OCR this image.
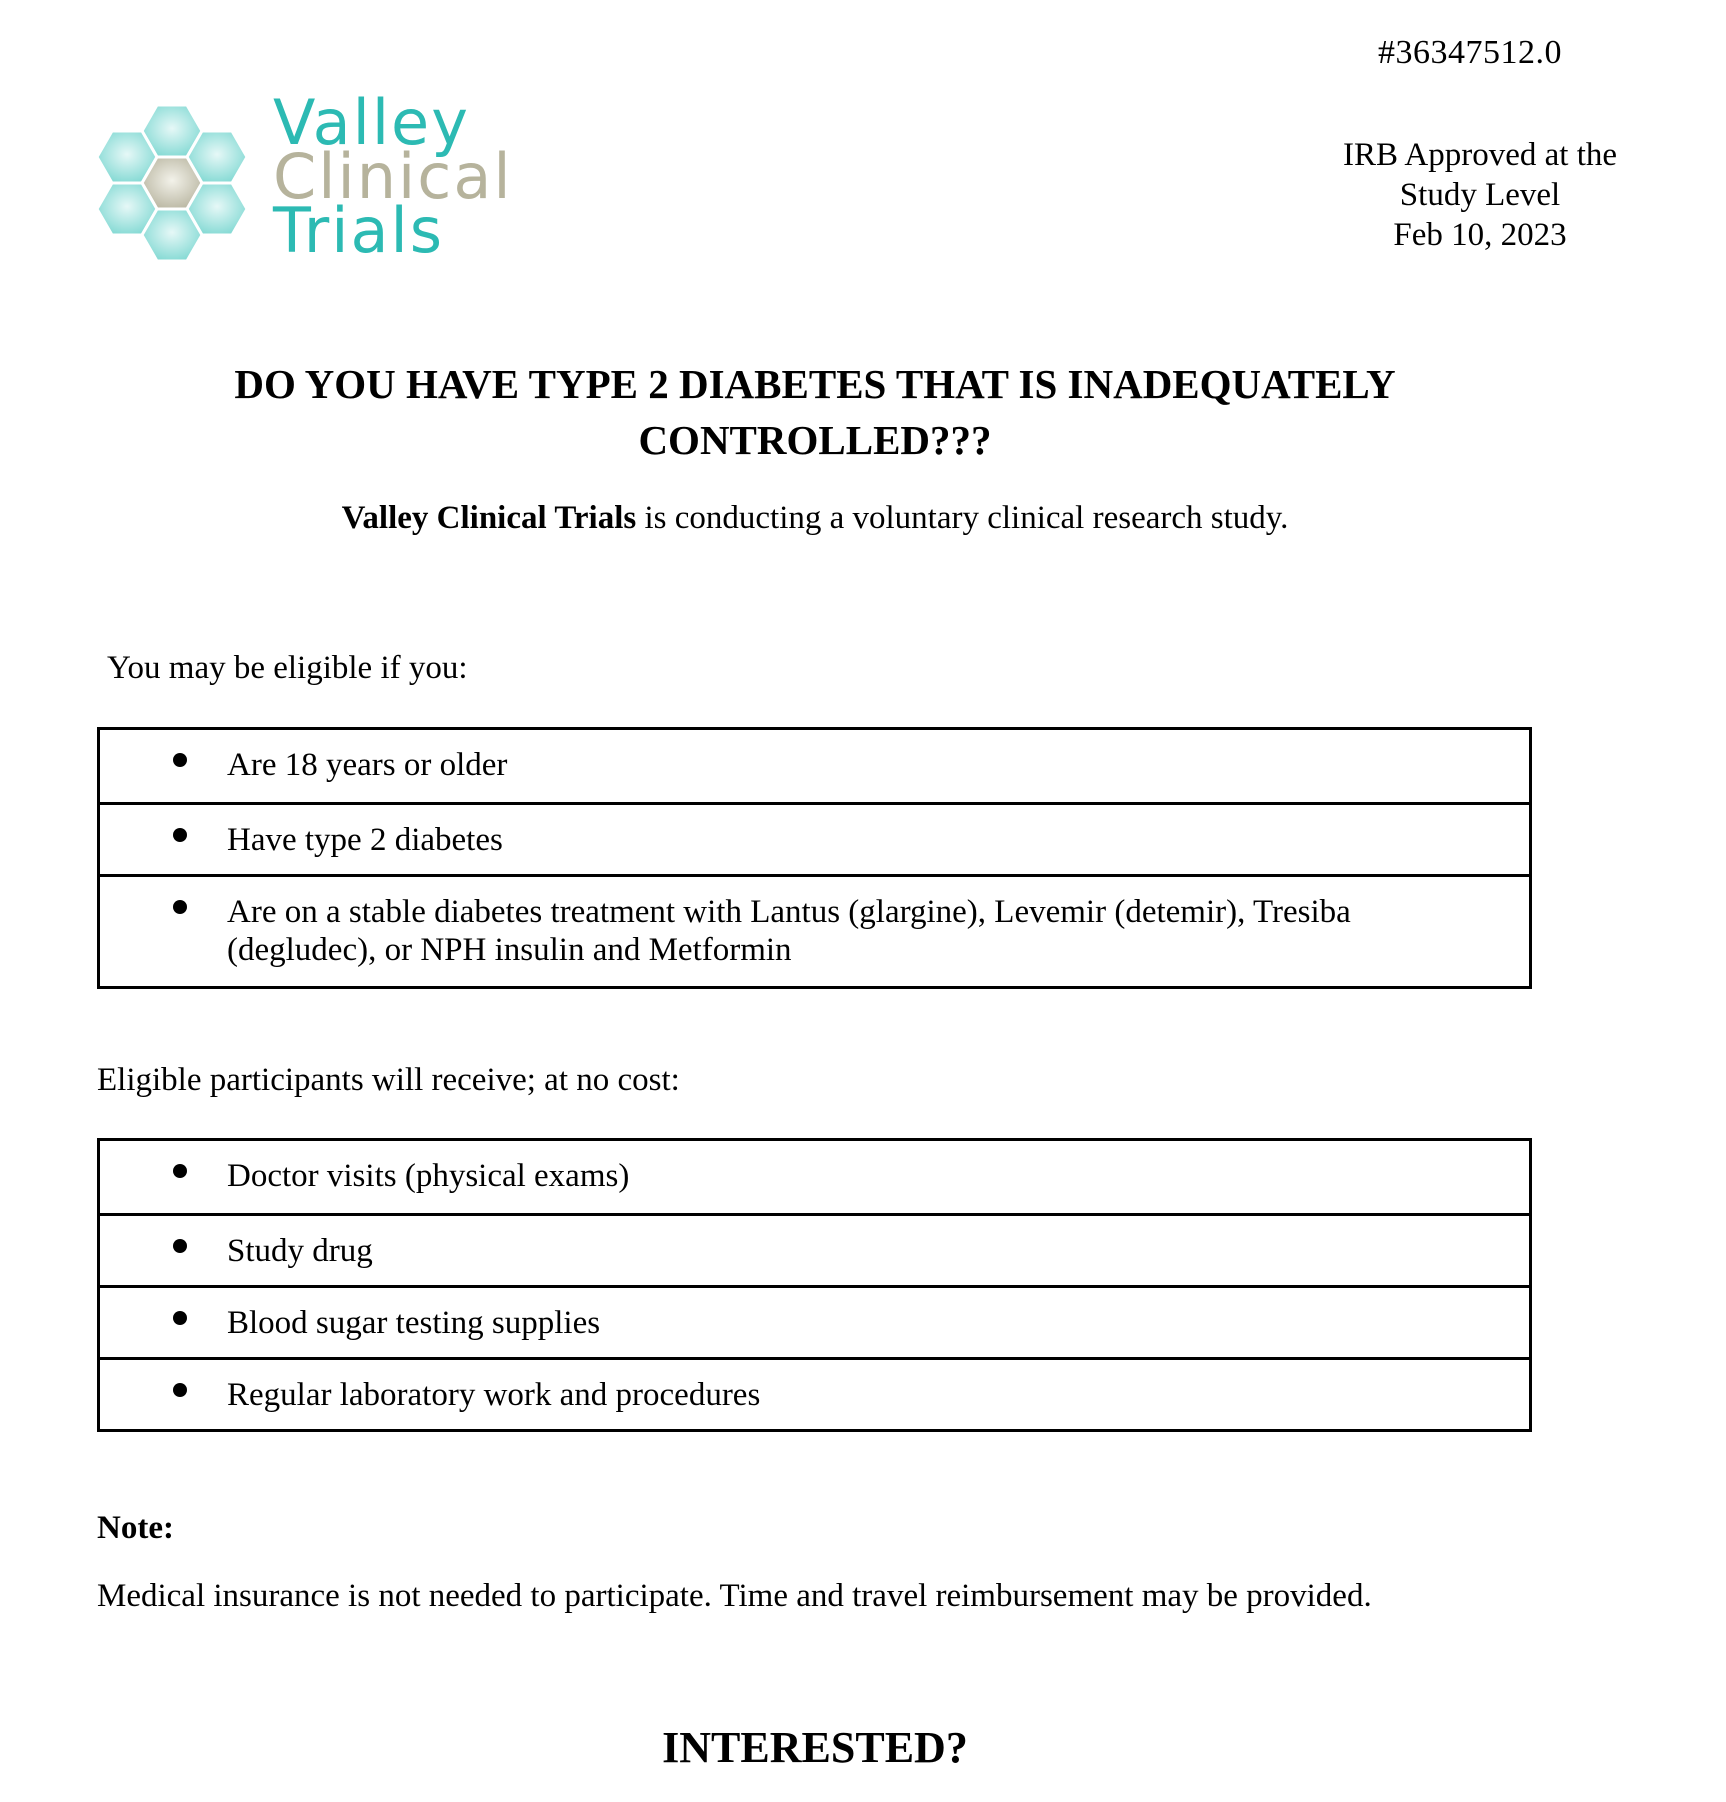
#36347512.0
IRB Approved at the
Study Level
Feb 10, 2023
Valley
Clinical
Trials
DO YOU HAVE TYPE 2 DIABETES THAT IS INADEQUATELY
CONTROLLED???
Valley Clinical Trials is conducting a voluntary clinical research study.
You may be eligible if you:
Are 18 years or older
Have type 2 diabetes
Are on a stable diabetes treatment with Lantus (glargine), Levemir (detemir), Tresiba
(degludec), or NPH insulin and Metformin
Eligible participants will receive; at no cost:
Doctor visits (physical exams)
Study drug
Blood sugar testing supplies
Regular laboratory work and procedures
Note:
Medical insurance is not needed to participate. Time and travel reimbursement may be provided.
INTERESTED?
